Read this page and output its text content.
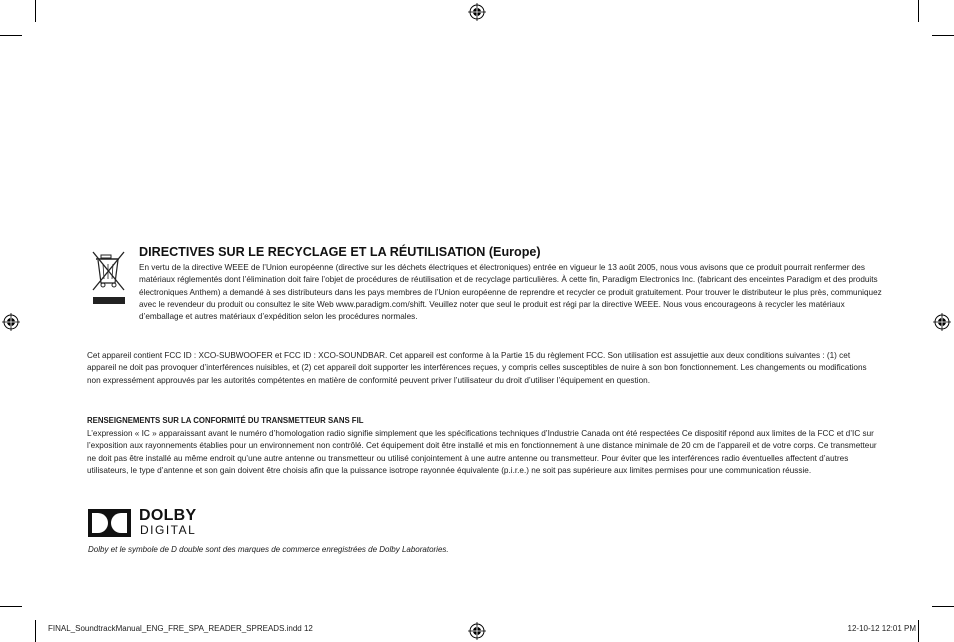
DIRECTIVES SUR LE RECYCLAGE ET LA RÉUTILISATION (Europe)

En vertu de la directive WEEE de l’Union européenne (directive sur les déchets électriques et électroniques) entrée en vigueur le 13 août 2005, nous vous avisons que ce produit pourrait renfermer des matériaux réglementés dont l’élimination doit faire l’objet de procédures de réutilisation et de recyclage particulières. À cette fin, Paradigm Electronics Inc. (fabricant des enceintes Paradigm et des produits électroniques Anthem) a demandé à ses distributeurs dans les pays membres de l’Union européenne de reprendre et recycler ce produit gratuitement. Pour trouver le distributeur le plus près, communiquez avec le revendeur du produit ou consultez le site Web www.paradigm.com/shift. Veuillez noter que seul le produit est régi par la directive WEEE. Nous vous encourageons à recycler les matériaux d’emballage et autres matériaux d’expédition selon les procédures normales.

Cet appareil contient FCC ID : XCO-SUBWOOFER et FCC ID : XCO-SOUNDBAR. Cet appareil est conforme à la Partie 15 du règlement FCC. Son utilisation est assujettie aux deux conditions suivantes : (1) cet appareil ne doit pas provoquer d’interférences nuisibles, et (2) cet appareil doit supporter les interférences reçues, y compris celles susceptibles de nuire à son bon fonctionnement. Les changements ou modifications non expressément approuvés par les autorités compétentes en matière de conformité peuvent priver l’utilisateur du droit d’utiliser l’équipement en question.

RENSEIGNEMENTS SUR LA CONFORMITÉ DU TRANSMETTEUR SANS FIL

L’expression « IC » apparaissant avant le numéro d’homologation radio signifie simplement que les spécifications techniques d’Industrie Canada ont été respectées Ce dispositif répond aux limites de la FCC et d’IC sur l’exposition aux rayonnements établies pour un environnement non contrôlé. Cet équipement doit être installé et mis en fonctionnement à une distance minimale de 20 cm de l’appareil et de votre corps. Ce transmetteur ne doit pas être installé au même endroit qu’une autre antenne ou transmetteur ou utilisé conjointement à une autre antenne ou transmetteur. Pour éviter que les interférences radio éventuelles affectent d’autres utilisateurs, le type d’antenne et son gain doivent être choisis afin que la puissance isotrope rayonnée équivalente (p.i.r.e.) ne soit pas supérieure aux limites permises pour une communication réussie.

DOLBY
DIGITAL
Dolby et le symbole de D double sont des marques de commerce enregistrées de Dolby Laboratories.
FINAL_SoundtrackManual_ENG_FRE_SPA_READER_SPREADS.indd 12	12-10-12 12:01 PM
